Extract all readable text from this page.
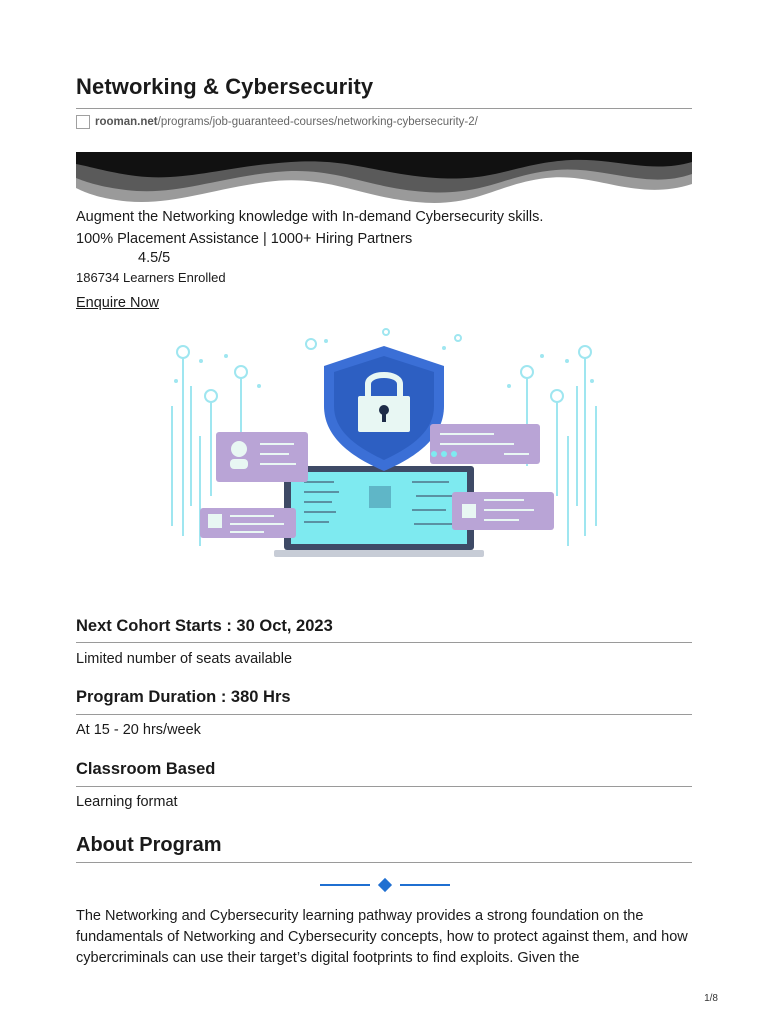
Networking & Cybersecurity
rooman.net /programs/job-guaranteed-courses/networking-cybersecurity-2/
Augment the Networking knowledge with In-demand Cybersecurity skills.
100% Placement Assistance | 1000+ Hiring Partners
4.5/5
186734 Learners Enrolled
Enquire Now
Next Cohort Starts : 30 Oct, 2023
Limited number of seats available
Program Duration : 380 Hrs
At 15 - 20 hrs/week
Classroom Based
Learning format
About Program

The Networking and Cybersecurity learning pathway provides a strong foundation on the fundamentals of Networking and Cybersecurity concepts, how to protect against them, and how cybercriminals can use their target’s digital footprints to find exploits. Given the

1/8
